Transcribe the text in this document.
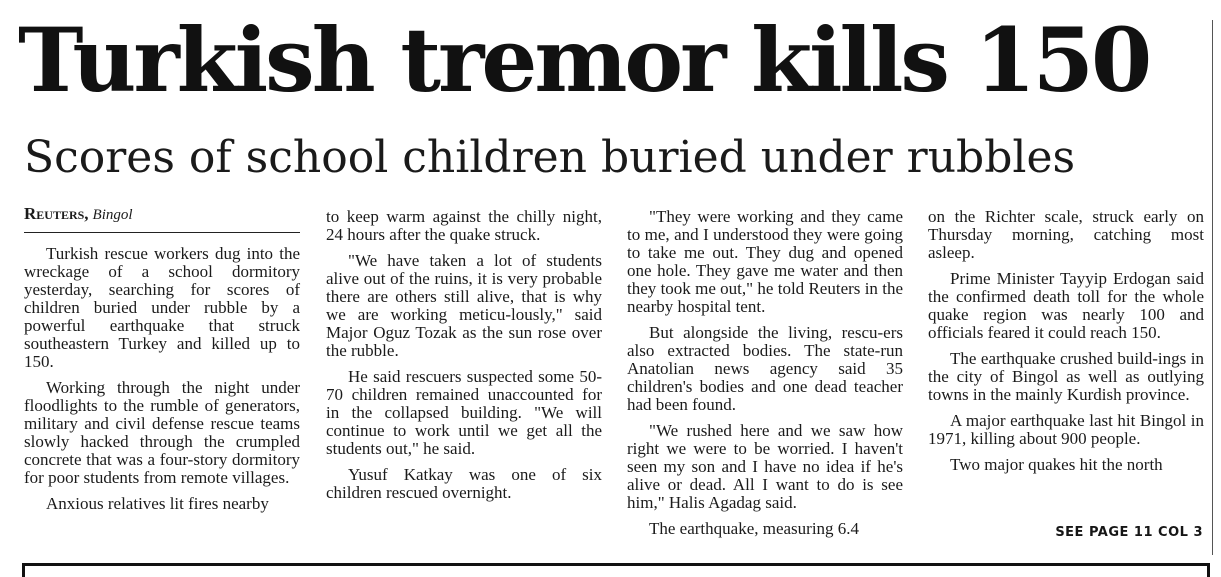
Turkish tremor kills 150
Scores of school children buried under rubbles
Reuters, Bingol

Turkish rescue workers dug into the wreckage of a school dormitory yesterday, searching for scores of children buried under rubble by a powerful earthquake that struck southeastern Turkey and killed up to 150.

Working through the night under floodlights to the rumble of generators, military and civil defense rescue teams slowly hacked through the crumpled concrete that was a four-story dormitory for poor students from remote villages.

Anxious relatives lit fires nearby

to keep warm against the chilly night, 24 hours after the quake struck.

"We have taken a lot of students alive out of the ruins, it is very probable there are others still alive, that is why we are working meticu-lously," said Major Oguz Tozak as the sun rose over the rubble.

He said rescuers suspected some 50-70 children remained unaccounted for in the collapsed building. "We will continue to work until we get all the students out," he said.

Yusuf Katkay was one of six children rescued overnight.

"They were working and they came to me, and I understood they were going to take me out. They dug and opened one hole. They gave me water and then they took me out," he told Reuters in the nearby hospital tent.

But alongside the living, rescu-ers also extracted bodies. The state-run Anatolian news agency said 35 children's bodies and one dead teacher had been found.

"We rushed here and we saw how right we were to be worried. I haven't seen my son and I have no idea if he's alive or dead. All I want to do is see him," Halis Agadag said.

The earthquake, measuring 6.4

on the Richter scale, struck early on Thursday morning, catching most asleep.

Prime Minister Tayyip Erdogan said the confirmed death toll for the whole quake region was nearly 100 and officials feared it could reach 150.

The earthquake crushed build-ings in the city of Bingol as well as outlying towns in the mainly Kurdish province.

A major earthquake last hit Bingol in 1971, killing about 900 people.

Two major quakes hit the north

SEE PAGE 11 COL 3
